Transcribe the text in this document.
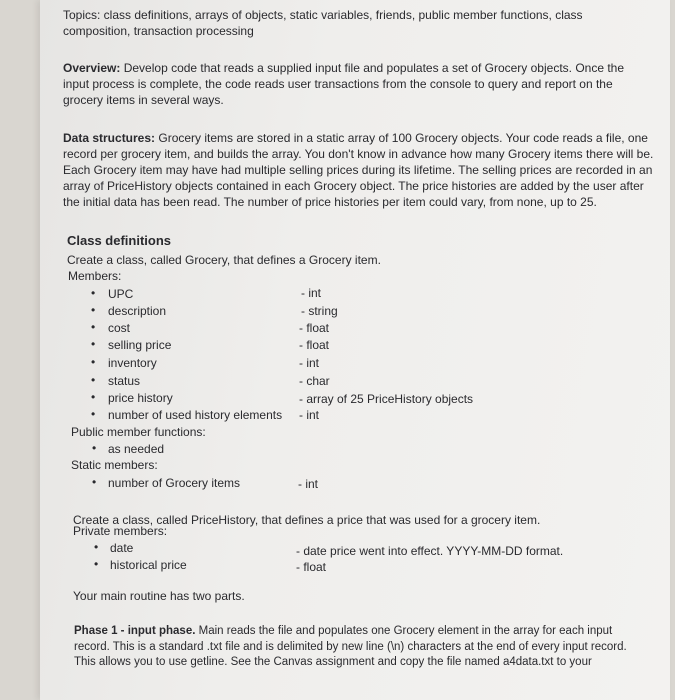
Topics: class definitions, arrays of objects, static variables, friends, public member functions, class composition, transaction processing

Overview: Develop code that reads a supplied input file and populates a set of Grocery objects. Once the input process is complete, the code reads user transactions from the console to query and report on the grocery items in several ways.

Data structures: Grocery items are stored in a static array of 100 Grocery objects. Your code reads a file, one record per grocery item, and builds the array. You don't know in advance how many Grocery items there will be. Each Grocery item may have had multiple selling prices during its lifetime. The selling prices are recorded in an array of PriceHistory objects contained in each Grocery object. The price histories are added by the user after the initial data has been read. The number of price histories per item could vary, from none, up to 25.

Class definitions
Create a class, called Grocery, that defines a Grocery item.
Members:
• UPC	- int
• description	- string
• cost	- float
• selling price	- float
• inventory	- int
• status	- char
• price history	- array of 25 PriceHistory objects
• number of used history elements - int
Public member functions:
• as needed
Static members:
• number of Grocery items	- int
Create a class, called PriceHistory, that defines a price that was used for a grocery item.
Private members:
• date	- date price went into effect. YYYY-MM-DD format.
• historical price	- float
Your main routine has two parts.

Phase 1 - input phase. Main reads the file and populates one Grocery element in the array for each input record. This is a standard .txt file and is delimited by new line (\n) characters at the end of every input record. This allows you to use getline. See the Canvas assignment and copy the file named a4data.txt to your
